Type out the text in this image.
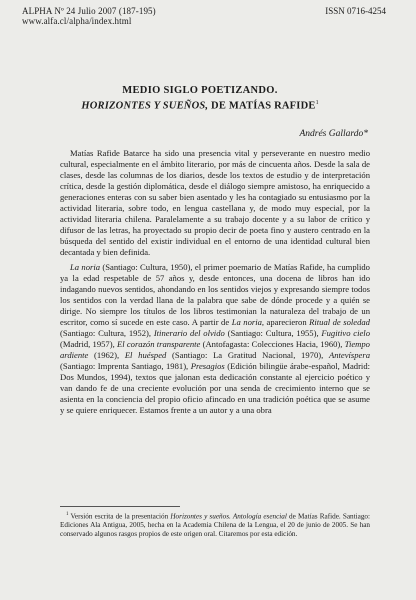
ALPHA Nº 24 Julio 2007 (187-195)
www.alfa.cl/alpha/index.html
ISSN 0716-4254
MEDIO SIGLO POETIZANDO.
HORIZONTES Y SUEÑOS, DE MATÍAS RAFIDE$^1$
Andrés Gallardo*

Matías Rafide Batarce ha sido una presencia vital y perseverante en nuestro medio cultural, especialmente en el ámbito literario, por más de cincuenta años. Desde la sala de clases, desde las columnas de los diarios, desde los textos de estudio y de interpretación crítica, desde la gestión diplomática, desde el diálogo siempre amistoso, ha enriquecido a generaciones enteras con su saber bien asentado y les ha contagiado su entusiasmo por la actividad literaria, sobre todo, en lengua castellana y, de modo muy especial, por la actividad literaria chilena. Paralelamente a su trabajo docente y a su labor de crítico y difusor de las letras, ha proyectado su propio decir de poeta fino y austero centrado en la búsqueda del sentido del existir individual en el entorno de una identidad cultural bien decantada y bien definida.

La noria (Santiago: Cultura, 1950), el primer poemario de Matías Rafide, ha cumplido ya la edad respetable de 57 años y, desde entonces, una docena de libros han ido indagando nuevos sentidos, ahondando en los sentidos viejos y expresando siempre todos los sentidos con la verdad llana de la palabra que sabe de dónde procede y a quién se dirige. No siempre los títulos de los libros testimonian la naturaleza del trabajo de un escritor, como sí sucede en este caso. A partir de La noria, aparecieron Ritual de soledad (Santiago: Cultura, 1952), Itinerario del olvido (Santiago: Cultura, 1955), Fugitivo cielo (Madrid, 1957), El corazón transparente (Antofagasta: Colecciones Hacia, 1960), Tiempo ardiente (1962), El huésped (Santiago: La Gratitud Nacional, 1970), Antevíspera (Santiago: Imprenta Santiago, 1981), Presagios (Edición bilingüe árabe-español, Madrid: Dos Mundos, 1994), textos que jalonan esta dedicación constante al ejercicio poético y van dando fe de una creciente evolución por una senda de crecimiento interno que se asienta en la conciencia del propio oficio afincado en una tradición poética que se asume y se quiere enriquecer. Estamos frente a un autor y a una obra

$^1$ Versión escrita de la presentación Horizontes y sueños. Antología esencial de Matías Rafide. Santiago: Ediciones Ala Antigua, 2005, hecha en la Academia Chilena de la Lengua, el 20 de junio de 2005. Se han conservado algunos rasgos propios de este origen oral. Citaremos por esta edición.
